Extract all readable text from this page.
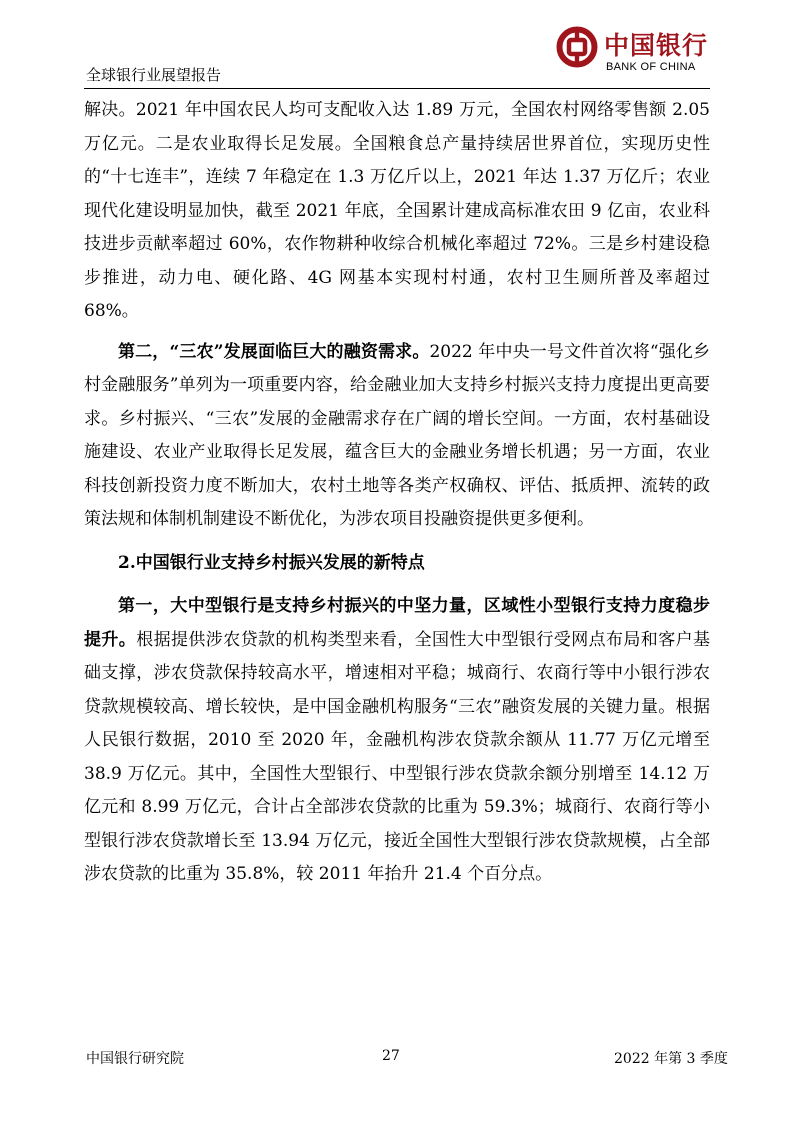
全球银行业展望报告
中国银行
BANK OF CHINA

解决。2021 年中国农民人均可支配收入达 1.89 万元，全国农村网络零售额 2.05 万亿元。二是农业取得长足发展。全国粮食总产量持续居世界首位，实现历史性的“十七连丰”，连续 7 年稳定在 1.3 万亿斤以上，2021 年达 1.37 万亿斤；农业现代化建设明显加快，截至 2021 年底，全国累计建成高标准农田 9 亿亩，农业科技进步贡献率超过 60%，农作物耕种收综合机械化率超过 72%。三是乡村建设稳步推进，动力电、硬化路、4G 网基本实现村村通，农村卫生厕所普及率超过 68%。

第二，“三农”发展面临巨大的融资需求。2022 年中央一号文件首次将“强化乡村金融服务”单列为一项重要内容，给金融业加大支持乡村振兴支持力度提出更高要求。乡村振兴、“三农”发展的金融需求存在广阔的增长空间。一方面，农村基础设施建设、农业产业取得长足发展，蕴含巨大的金融业务增长机遇；另一方面，农业科技创新投资力度不断加大，农村土地等各类产权确权、评估、抵质押、流转的政策法规和体制机制建设不断优化，为涉农项目投融资提供更多便利。

2.中国银行业支持乡村振兴发展的新特点

第一，大中型银行是支持乡村振兴的中坚力量，区域性小型银行支持力度稳步提升。根据提供涉农贷款的机构类型来看，全国性大中型银行受网点布局和客户基础支撑，涉农贷款保持较高水平，增速相对平稳；城商行、农商行等中小银行涉农贷款规模较高、增长较快，是中国金融机构服务“三农”融资发展的关键力量。根据人民银行数据，2010 至 2020 年，金融机构涉农贷款余额从 11.77 万亿元增至 38.9 万亿元。其中，全国性大型银行、中型银行涉农贷款余额分别增至 14.12 万亿元和 8.99 万亿元，合计占全部涉农贷款的比重为 59.3%；城商行、农商行等小型银行涉农贷款增长至 13.94 万亿元，接近全国性大型银行涉农贷款规模，占全部涉农贷款的比重为 35.8%，较 2011 年抬升 21.4 个百分点。

中国银行研究院	27	2022 年第 3 季度
